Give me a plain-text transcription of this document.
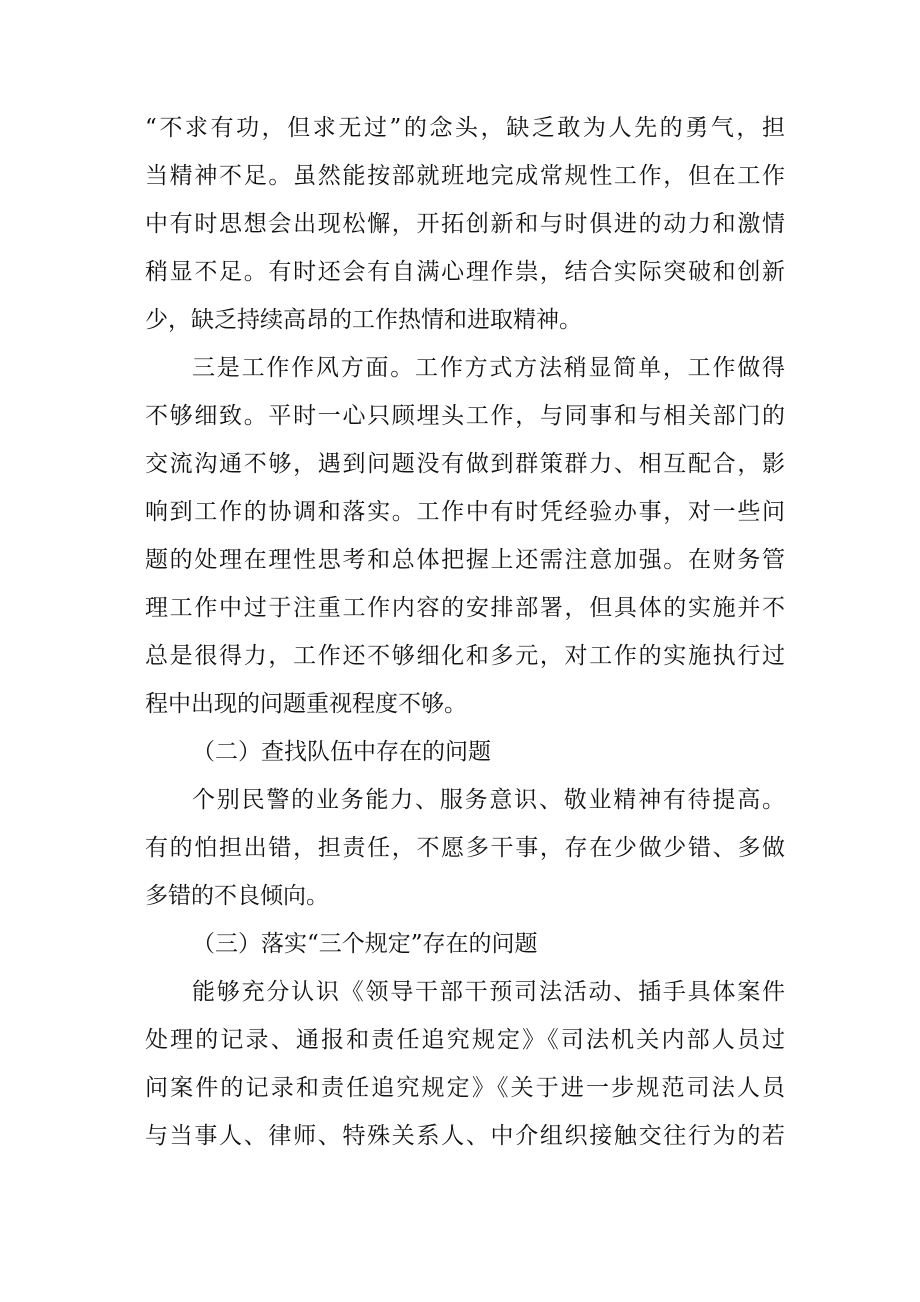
“不求有功，但求无过”的念头，缺乏敢为人先的勇气，担
当精神不足。虽然能按部就班地完成常规性工作，但在工作
中有时思想会出现松懈，开拓创新和与时俱进的动力和激情
稍显不足。有时还会有自满心理作祟，结合实际突破和创新
少，缺乏持续高昂的工作热情和进取精神。
三是工作作风方面。工作方式方法稍显简单，工作做得
不够细致。平时一心只顾埋头工作，与同事和与相关部门的
交流沟通不够，遇到问题没有做到群策群力、相互配合，影
响到工作的协调和落实。工作中有时凭经验办事，对一些问
题的处理在理性思考和总体把握上还需注意加强。在财务管
理工作中过于注重工作内容的安排部署，但具体的实施并不
总是很得力，工作还不够细化和多元，对工作的实施执行过
程中出现的问题重视程度不够。
（二）查找队伍中存在的问题
个别民警的业务能力、服务意识、敬业精神有待提高。
有的怕担出错，担责任，不愿多干事，存在少做少错、多做
多错的不良倾向。
（三）落实“三个规定”存在的问题
能够充分认识《领导干部干预司法活动、插手具体案件
处理的记录、通报和责任追究规定》《司法机关内部人员过
问案件的记录和责任追究规定》《关于进一步规范司法人员
与当事人、律师、特殊关系人、中介组织接触交往行为的若
